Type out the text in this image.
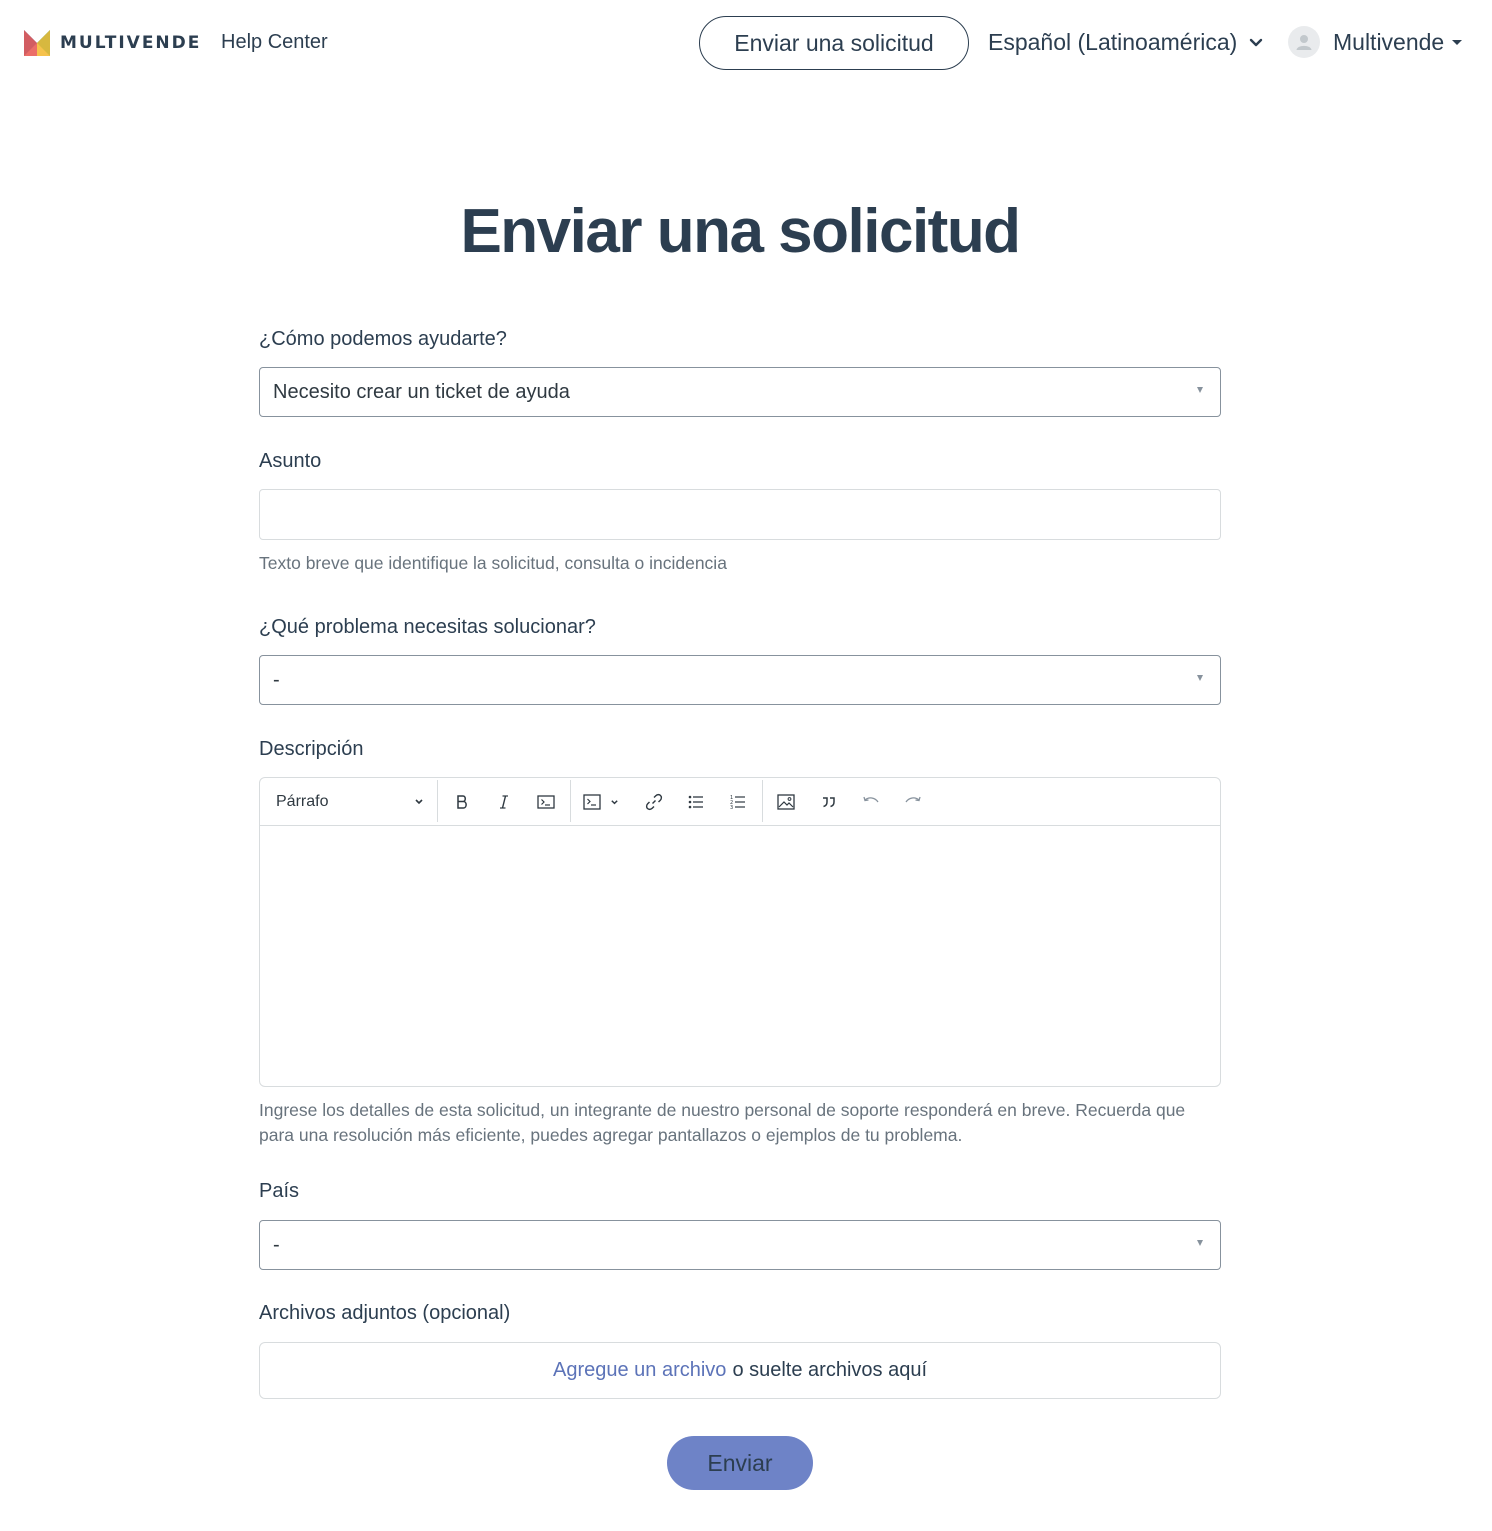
MULTIVENDE Help Center	Enviar una solicitud	Español (Latinoamérica)	Multivende
Enviar una solicitud
¿Cómo podemos ayudarte?
Necesito crear un ticket de ayuda
Asunto
Texto breve que identifique la solicitud, consulta o incidencia
¿Qué problema necesitas solucionar?
-
Descripción
Párrafo	1
2
3
Ingrese los detalles de esta solicitud, un integrante de nuestro personal de soporte responderá en breve. Recuerda que para una resolución más eficiente, puedes agregar pantallazos o ejemplos de tu problema.
País
-
Archivos adjuntos (opcional)
Agregue un archivo o suelte archivos aquí
Enviar
